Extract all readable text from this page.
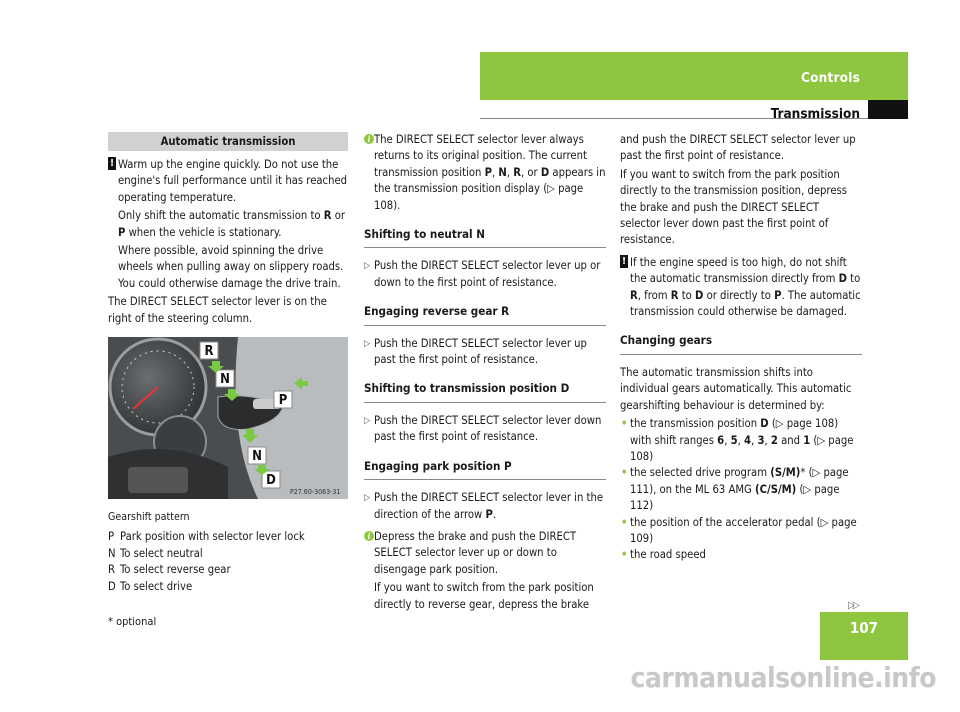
Controls
Transmission
107
Automatic transmission
! Warm up the engine quickly. Do not use the engine's full performance until it has reached operating temperature.

Only shift the automatic transmission to R or P when the vehicle is stationary.

Where possible, avoid spinning the drive wheels when pulling away on slippery roads. You could otherwise damage the drive train.

The DIRECT SELECT selector lever is on the right of the steering column.

R
N
P
N
D
P27.60-3063-31

Gearshift pattern

P Park position with selector lever lock
N To select neutral
R To select reverse gear
D To select drive
i The DIRECT SELECT selector lever always returns to its original position. The current transmission position P, N, R, or D appears in the transmission position display (▷ page 108).

Shifting to neutral N
▷ Push the DIRECT SELECT selector lever up or down to the first point of resistance.
Engaging reverse gear R
▷ Push the DIRECT SELECT selector lever up past the first point of resistance.
Shifting to transmission position D
▷ Push the DIRECT SELECT selector lever down past the first point of resistance.
Engaging park position P
▷ Push the DIRECT SELECT selector lever in the direction of the arrow P.
i Depress the brake and push the DIRECT SELECT selector lever up or down to disengage park position.

If you want to switch from the park position directly to reverse gear, depress the brake

and push the DIRECT SELECT selector lever up past the first point of resistance.

If you want to switch from the park position directly to the transmission position, depress the brake and push the DIRECT SELECT selector lever down past the first point of resistance.

! If the engine speed is too high, do not shift the automatic transmission directly from D to R, from R to D or directly to P. The automatic transmission could otherwise be damaged.

Changing gears

The automatic transmission shifts into individual gears automatically. This automatic gearshifting behaviour is determined by:

• the transmission position D (▷ page 108) with shift ranges 6, 5, 4, 3, 2 and 1 (▷ page 108)
• the selected drive program (S/M)* (▷ page 111), on the ML 63 AMG (C/S/M) (▷ page 112)
• the position of the accelerator pedal (▷ page 109)
• the road speed
▷▷
* optional
carmanualsonline.info
